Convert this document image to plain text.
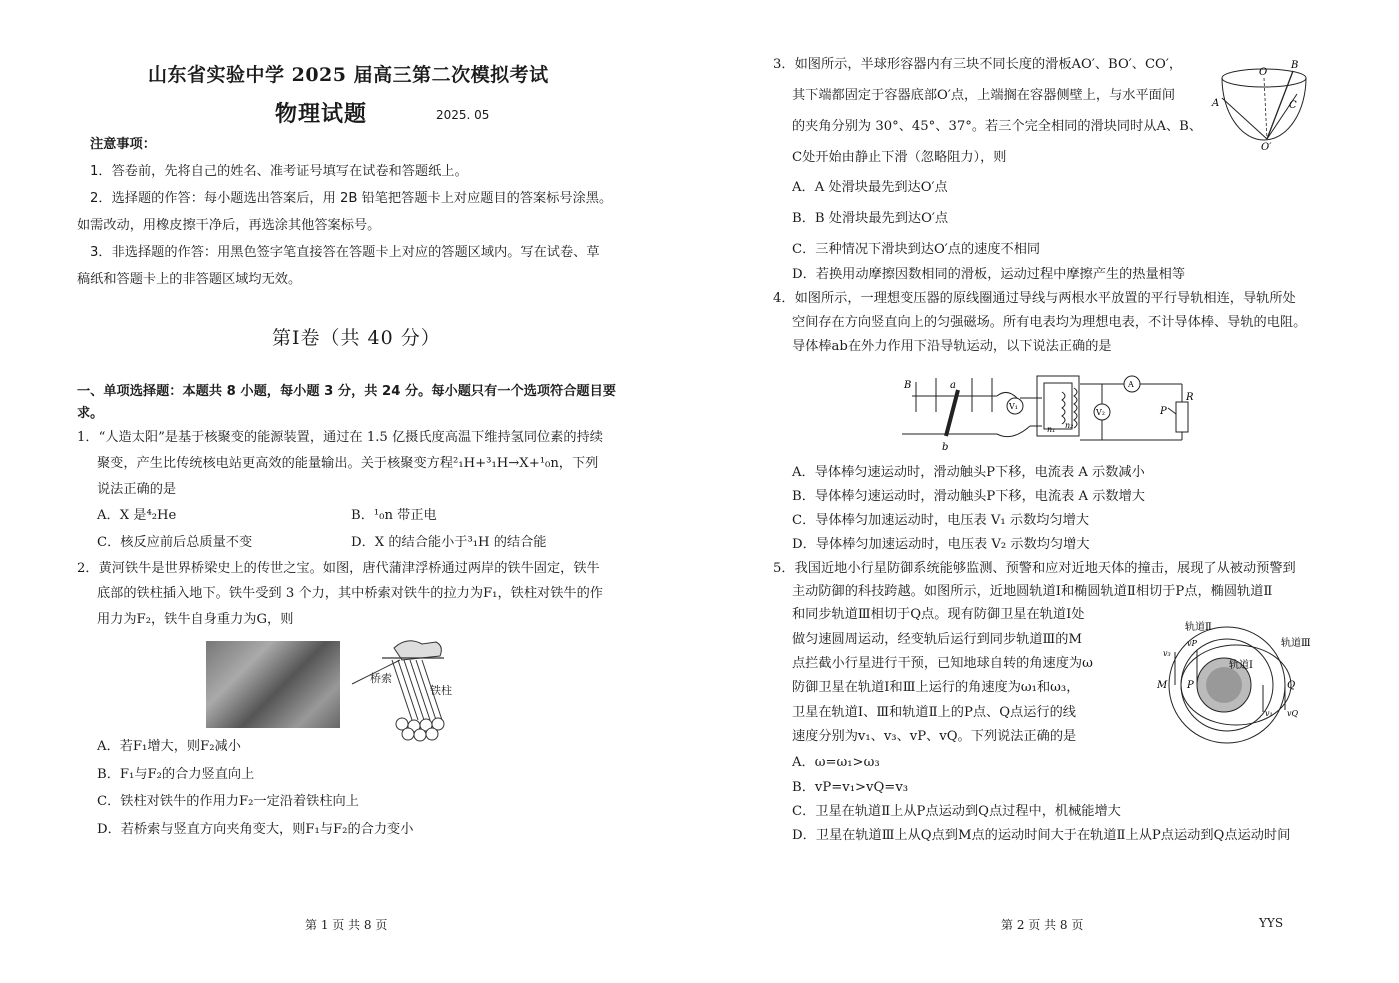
山东省实验中学 2025 届高三第二次模拟考试
物理试题	2025. 05
注意事项：
1．答卷前，先将自己的姓名、准考证号填写在试卷和答题纸上。
2．选择题的作答：每小题选出答案后，用 2B 铅笔把答题卡上对应题目的答案标号涂黑。
如需改动，用橡皮擦干净后，再选涂其他答案标号。
3．非选择题的作答：用黑色签字笔直接答在答题卡上对应的答题区域内。写在试卷、草
稿纸和答题卡上的非答题区域均无效。
第Ⅰ卷（共 40 分）
一、单项选择题：本题共 8 小题，每小题 3 分，共 24 分。每小题只有一个选项符合题目要
求。
1．“人造太阳”是基于核聚变的能源装置，通过在 1.5 亿摄氏度高温下维持氢同位素的持续
聚变，产生比传统核电站更高效的能量输出。关于核聚变方程²₁H+³₁H→X+¹₀n，下列
说法正确的是
A．X 是⁴₂He	B．¹₀n 带正电
C．核反应前后总质量不变	D．X 的结合能小于³₁H 的结合能
2．黄河铁牛是世界桥梁史上的传世之宝。如图，唐代蒲津浮桥通过两岸的铁牛固定，铁牛
底部的铁柱插入地下。铁牛受到 3 个力，其中桥索对铁牛的拉力为F₁，铁柱对铁牛的作
用力为F₂，铁牛自身重力为G，则
桥索
铁柱
A．若F₁增大，则F₂减小
B．F₁与F₂的合力竖直向上
C．铁柱对铁牛的作用力F₂一定沿着铁柱向上
D．若桥索与竖直方向夹角变大，则F₁与F₂的合力变小
第 1 页 共 8 页
3．如图所示，半球形容器内有三块不同长度的滑板AO′、BO′、CO′，
其下端都固定于容器底部O′点，上端搁在容器侧壁上，与水平面间
的夹角分别为 30°、45°、37°。若三个完全相同的滑块同时从A、B、
C处开始由静止下滑（忽略阻力），则
O
A
B
C
O′
A．A 处滑块最先到达O′点
B．B 处滑块最先到达O′点
C．三种情况下滑块到达O′点的速度不相同
D．若换用动摩擦因数相同的滑板，运动过程中摩擦产生的热量相等
4．如图所示，一理想变压器的原线圈通过导线与两根水平放置的平行导轨相连，导轨所处
空间存在方向竖直向上的匀强磁场。所有电表均为理想电表，不计导体棒、导轨的电阻。
导体棒ab在外力作用下沿导轨运动，以下说法正确的是
B	a
b
V₁
V₂
n₁ n₂
A
P
R
A．导体棒匀速运动时，滑动触头P下移，电流表 A 示数减小
B．导体棒匀速运动时，滑动触头P下移，电流表 A 示数增大
C．导体棒匀加速运动时，电压表 V₁ 示数均匀增大
D．导体棒匀加速运动时，电压表 V₂ 示数均匀增大
5．我国近地小行星防御系统能够监测、预警和应对近地天体的撞击，展现了从被动预警到
主动防御的科技跨越。如图所示，近地圆轨道Ⅰ和椭圆轨道Ⅱ相切于P点，椭圆轨道Ⅱ
和同步轨道Ⅲ相切于Q点。现有防御卫星在轨道Ⅰ处
做匀速圆周运动，经变轨后运行到同步轨道Ⅲ的M
点拦截小行星进行干预，已知地球自转的角速度为ω
防御卫星在轨道Ⅰ和Ⅲ上运行的角速度为ω₁和ω₃，
卫星在轨道Ⅰ、Ⅲ和轨道Ⅱ上的P点、Q点运行的线
速度分别为v₁、v₃、vP、vQ。下列说法正确的是
轨道Ⅱ
轨道Ⅲ
轨道Ⅰ
M P	Q
vP
v₃
v₁ vQ
A．ω=ω₁>ω₃
B．vP=v₁>vQ=v₃
C．卫星在轨道Ⅱ上从P点运动到Q点过程中，机械能增大
D．卫星在轨道Ⅲ上从Q点到M点的运动时间大于在轨道Ⅱ上从P点运动到Q点运动时间
第 2 页 共 8 页	YYS
